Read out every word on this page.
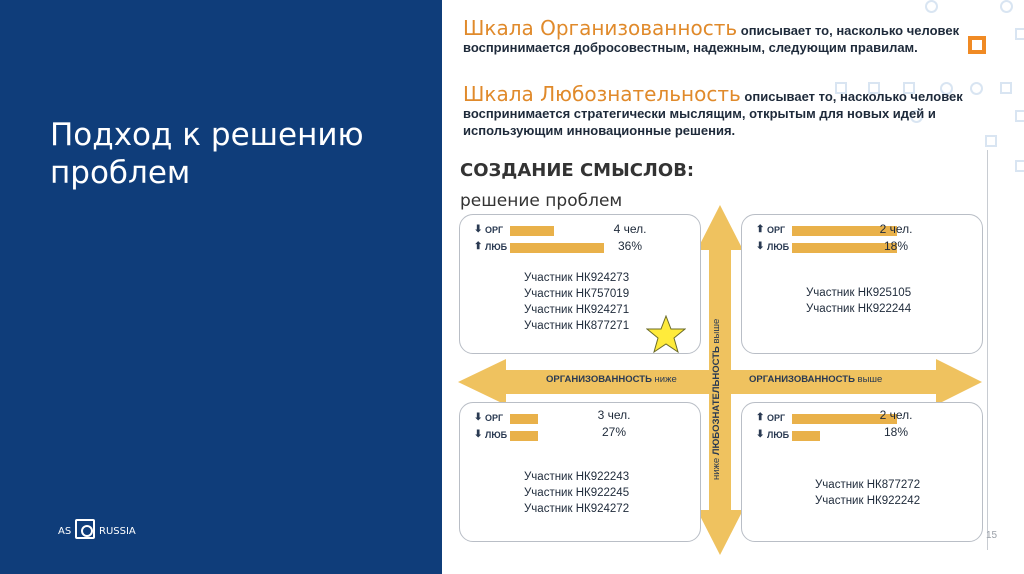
Подход к решению проблем
AS	RUSSIA
Шкала Организованность описывает то, насколько человек воспринимается добросовестным, надежным, следующим правилам.
Шкала Любознательность описывает то, насколько человек воспринимается стратегически мыслящим, открытым для новых идей и использующим инновационные решения.
15
СОЗДАНИЕ СМЫСЛОВ:
решение проблем
⬇ ОРГ
⬆ ЛЮБ
4 чел.
36%
Участник НК924273
Участник НК757019
Участник НК924271
Участник НК877271
⬆ ОРГ
⬇ ЛЮБ
2 чел.
18%
Участник НК925105
Участник НК922244
⬇ ОРГ
⬇ ЛЮБ
3 чел.
27%
Участник НК922243
Участник НК922245
Участник НК924272
⬆ ОРГ
⬇ ЛЮБ
2 чел.
18%
Участник НК877272
Участник НК922242
ОРГАНИЗОВАННОСТЬ ниже	ОРГАНИЗОВАННОСТЬ выше
ниже ЛЮБОЗНАТЕЛЬНОСТЬ выше
